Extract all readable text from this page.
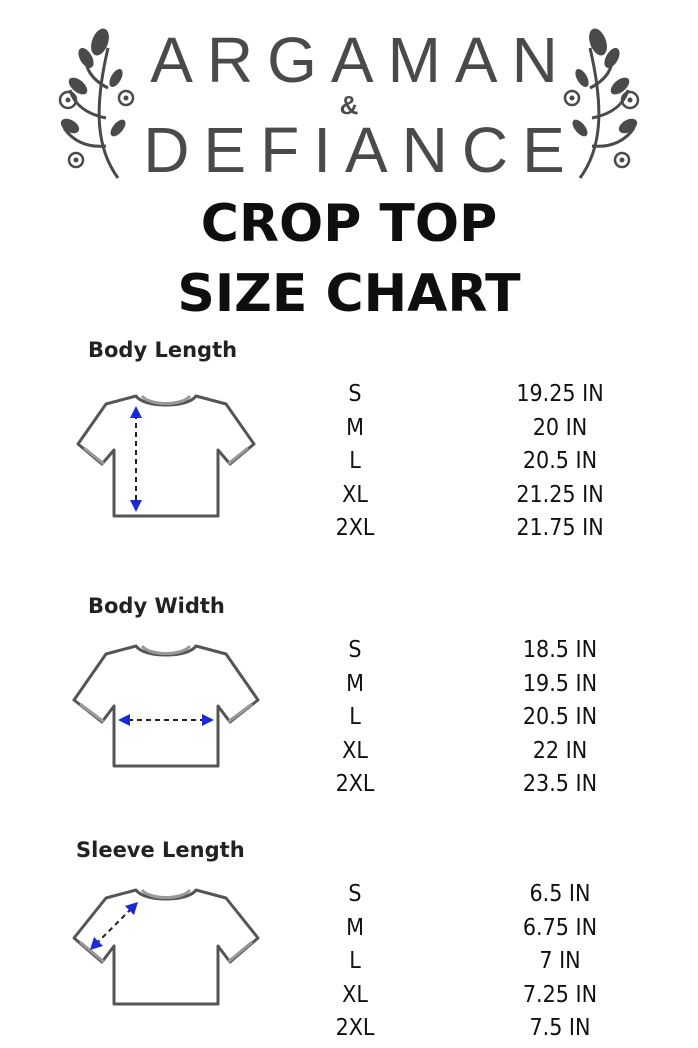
ARGAMAN
&
DEFIANCE
CROP TOP
SIZE CHART
Body Length
S	19.25 IN
M	20 IN
L	20.5 IN
XL	21.25 IN
2XL	21.75 IN
Body Width
S	18.5 IN
M	19.5 IN
L	20.5 IN
XL	22 IN
2XL	23.5 IN
Sleeve Length
S	6.5 IN
M	6.75 IN
L	7 IN
XL	7.25 IN
2XL	7.5 IN
